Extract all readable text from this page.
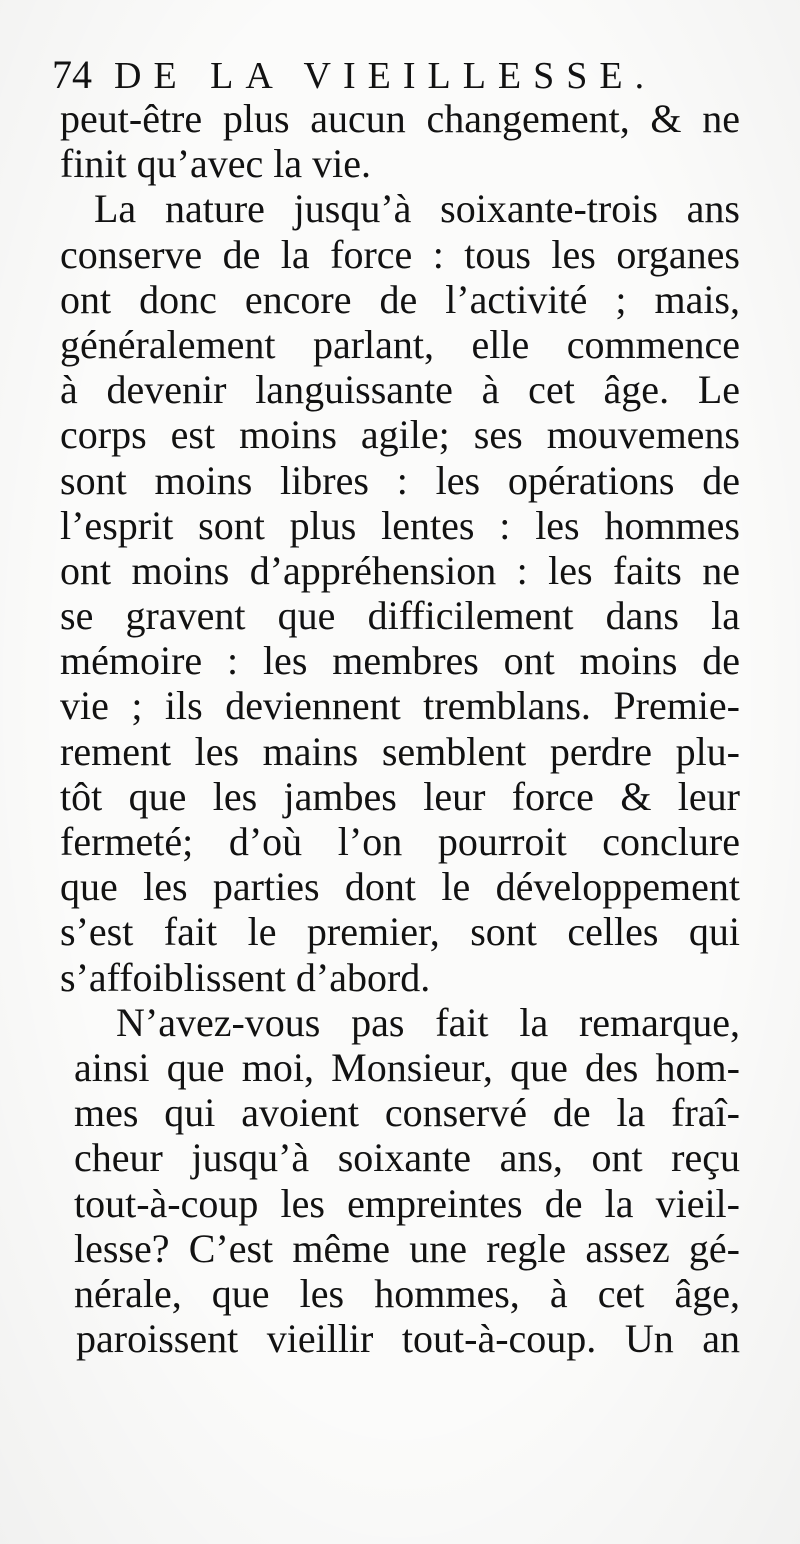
74 DE LA VIEILLESSE.
peut-être plus aucun changement, & ne
finit qu’avec la vie.
La nature jusqu’à soixante-trois ans
conserve de la force : tous les organes
ont donc encore de l’activité ; mais,
généralement parlant, elle commence
à devenir languissante à cet âge. Le
corps est moins agile; ses mouvemens
sont moins libres : les opérations de
l’esprit sont plus lentes : les hommes
ont moins d’appréhension : les faits ne
se gravent que difficilement dans la
mémoire : les membres ont moins de
vie ; ils deviennent tremblans. Premie-
rement les mains semblent perdre plu-
tôt que les jambes leur force & leur
fermeté; d’où l’on pourroit conclure
que les parties dont le développement
s’est fait le premier, sont celles qui
s’affoiblissent d’abord.
N’avez-vous pas fait la remarque,
ainsi que moi, Monsieur, que des hom-
mes qui avoient conservé de la fraî-
cheur jusqu’à soixante ans, ont reçu
tout-à-coup les empreintes de la vieil-
lesse? C’est même une regle assez gé-
nérale, que les hommes, à cet âge,
paroissent vieillir tout-à-coup. Un an
